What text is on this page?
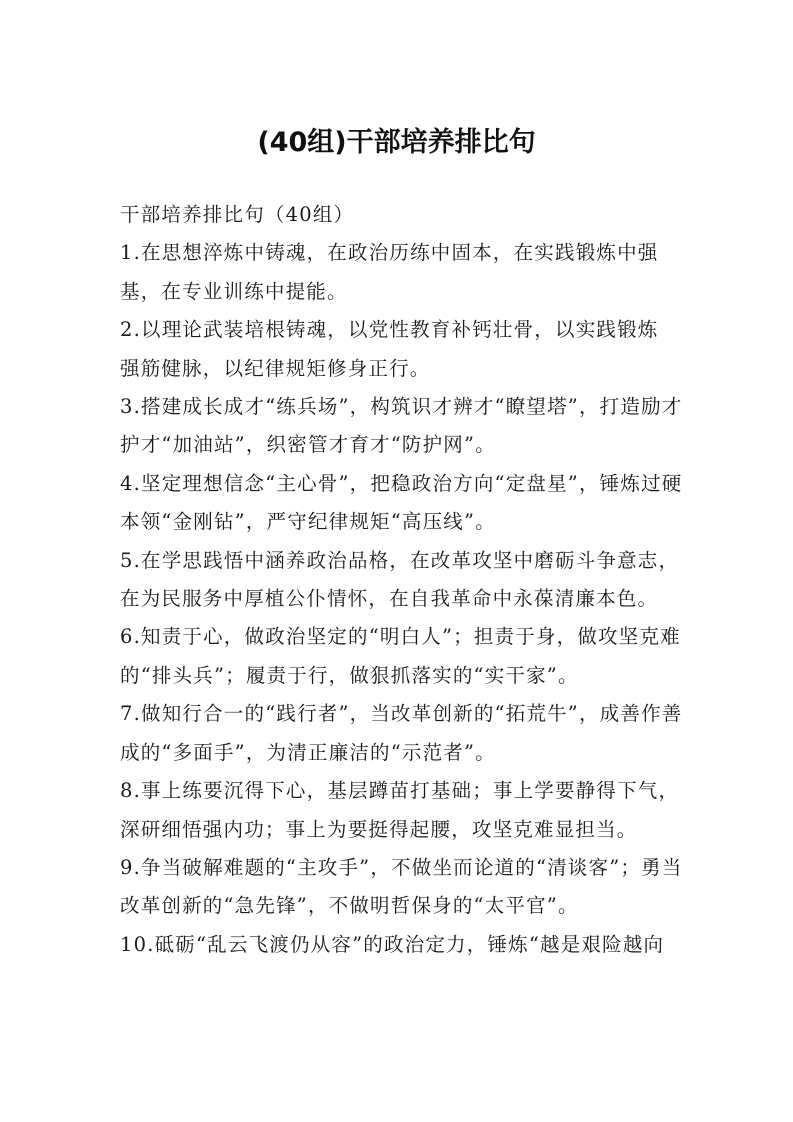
(40组)干部培养排比句

干部培养排比句（40组）

1.在思想淬炼中铸魂，在政治历练中固本，在实践锻炼中强

基，在专业训练中提能。

2.以理论武装培根铸魂，以党性教育补钙壮骨，以实践锻炼

强筋健脉，以纪律规矩修身正行。

3.搭建成长成才“练兵场”，构筑识才辨才“瞭望塔”，打造励才

护才“加油站”，织密管才育才“防护网”。

4.坚定理想信念“主心骨”，把稳政治方向“定盘星”，锤炼过硬

本领“金刚钻”，严守纪律规矩“高压线”。

5.在学思践悟中涵养政治品格，在改革攻坚中磨砺斗争意志，

在为民服务中厚植公仆情怀，在自我革命中永葆清廉本色。

6.知责于心，做政治坚定的“明白人”；担责于身，做攻坚克难

的“排头兵”；履责于行，做狠抓落实的“实干家”。

7.做知行合一的“践行者”，当改革创新的“拓荒牛”，成善作善

成的“多面手”，为清正廉洁的“示范者”。

8.事上练要沉得下心，基层蹲苗打基础；事上学要静得下气，

深研细悟强内功；事上为要挺得起腰，攻坚克难显担当。

9.争当破解难题的“主攻手”，不做坐而论道的“清谈客”；勇当

改革创新的“急先锋”，不做明哲保身的“太平官”。

10.砥砺“乱云飞渡仍从容”的政治定力，锤炼“越是艰险越向
